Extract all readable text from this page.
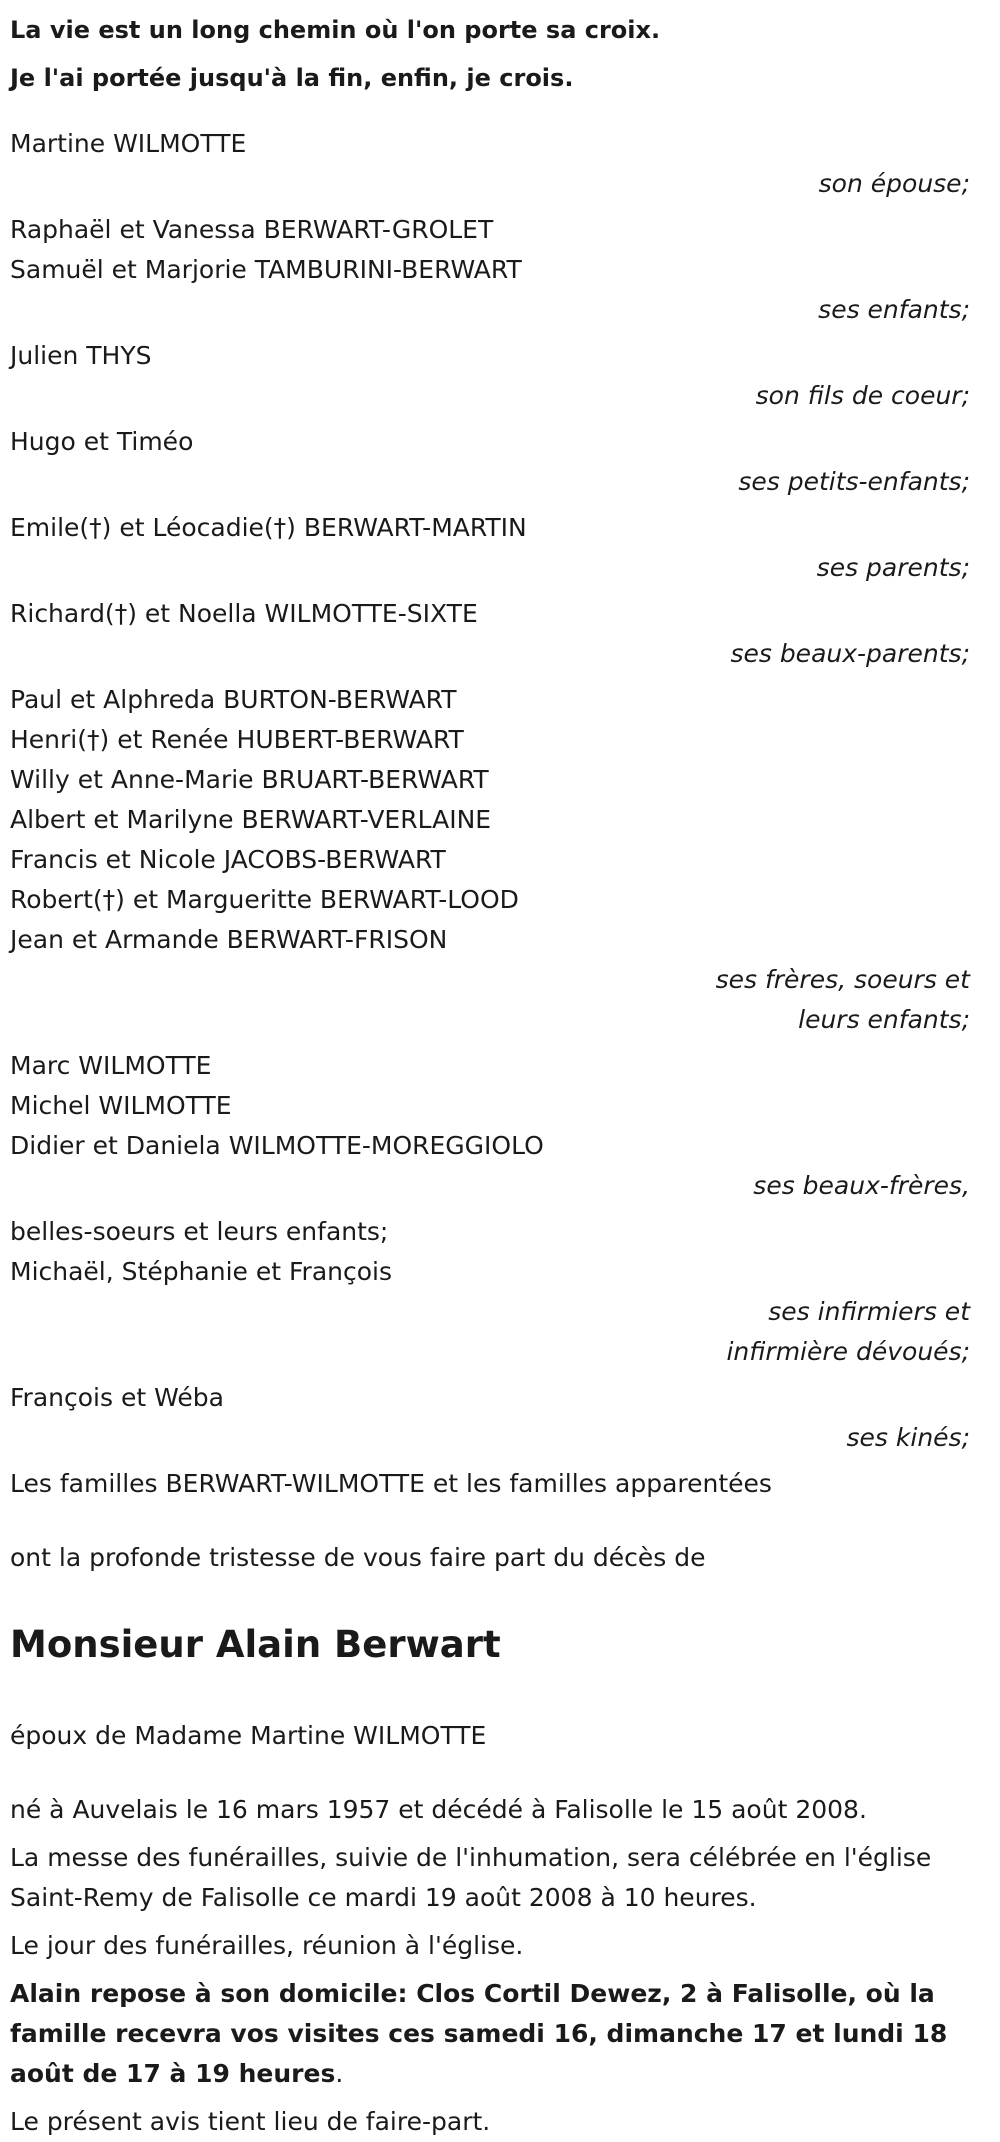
La vie est un long chemin où l'on porte sa croix.

Je l'ai portée jusqu'à la fin, enfin, je crois.

Martine WILMOTTE
son épouse;
Raphaël et Vanessa BERWART-GROLET
Samuël et Marjorie TAMBURINI-BERWART
ses enfants;
Julien THYS
son fils de coeur;
Hugo et Timéo
ses petits-enfants;
Emile(†) et Léocadie(†) BERWART-MARTIN
ses parents;
Richard(†) et Noella WILMOTTE-SIXTE
ses beaux-parents;
Paul et Alphreda BURTON-BERWART
Henri(†) et Renée HUBERT-BERWART
Willy et Anne-Marie BRUART-BERWART
Albert et Marilyne BERWART-VERLAINE
Francis et Nicole JACOBS-BERWART
Robert(†) et Margueritte BERWART-LOOD
Jean et Armande BERWART-FRISON
ses frères, soeurs et
leurs enfants;
Marc WILMOTTE
Michel WILMOTTE
Didier et Daniela WILMOTTE-MOREGGIOLO
ses beaux-frères,
belles-soeurs et leurs enfants;
Michaël, Stéphanie et François
ses infirmiers et
infirmière dévoués;
François et Wéba
ses kinés;

Les familles BERWART-WILMOTTE et les familles apparentées

ont la profonde tristesse de vous faire part du décès de

Monsieur Alain Berwart

époux de Madame Martine WILMOTTE

né à Auvelais le 16 mars 1957 et décédé à Falisolle le 15 août 2008.

La messe des funérailles, suivie de l'inhumation, sera célébrée en l'église Saint-Remy de Falisolle ce mardi 19 août 2008 à 10 heures.

Le jour des funérailles, réunion à l'église.

Alain repose à son domicile: Clos Cortil Dewez, 2 à Falisolle, où la famille recevra vos visites ces samedi 16, dimanche 17 et lundi 18 août de 17 à 19 heures.

Le présent avis tient lieu de faire-part.
